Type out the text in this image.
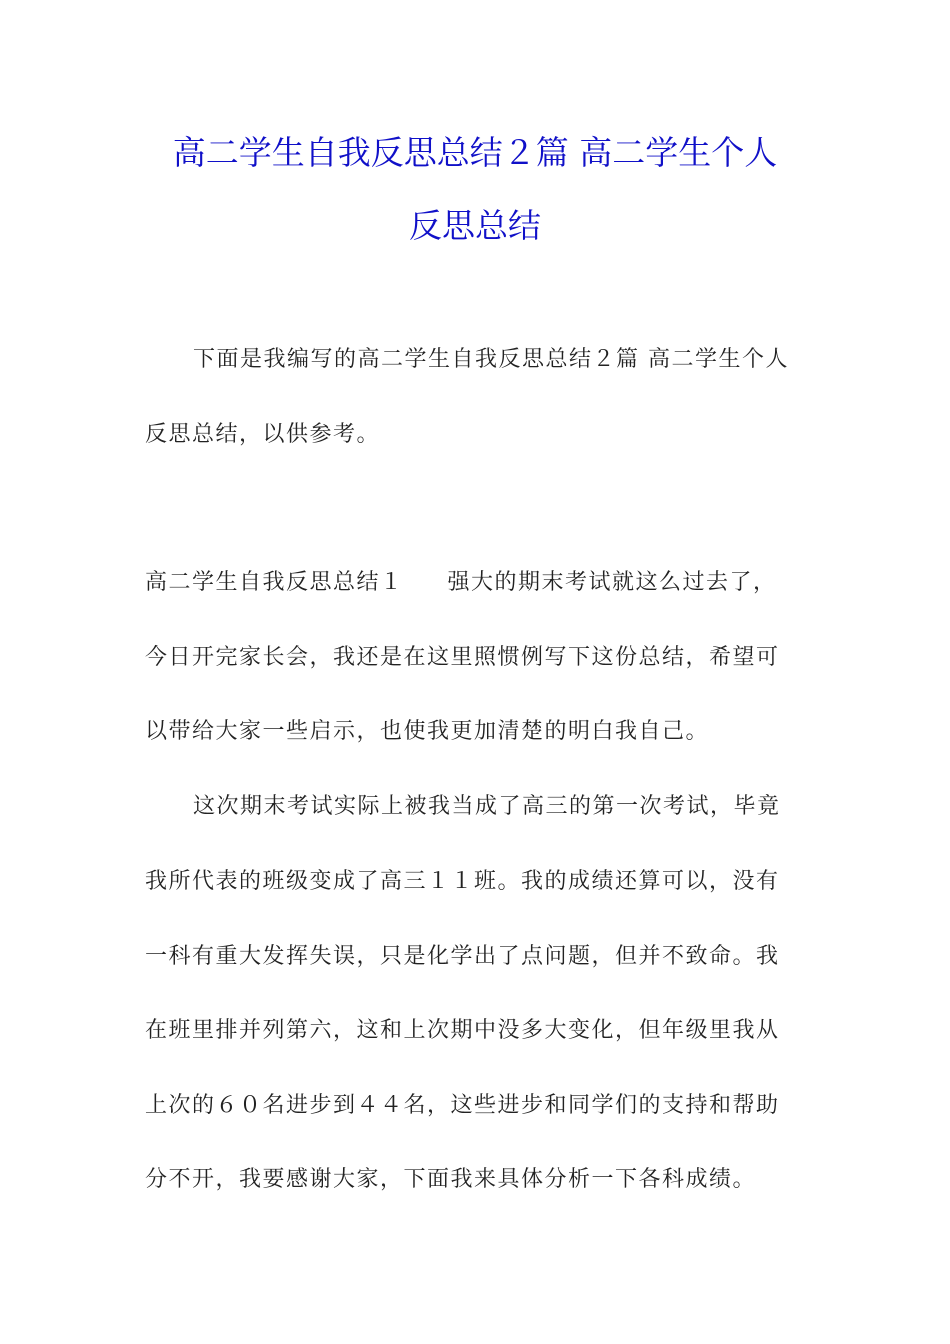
高二学生自我反思总结２篇 高二学生个人
反思总结

下面是我编写的高二学生自我反思总结２篇 高二学生个人

反思总结，以供参考。

高二学生自我反思总结１ 强大的期末考试就这么过去了，

今日开完家长会，我还是在这里照惯例写下这份总结，希望可

以带给大家一些启示，也使我更加清楚的明白我自己。

这次期末考试实际上被我当成了高三的第一次考试，毕竟

我所代表的班级变成了高三１１班。我的成绩还算可以，没有

一科有重大发挥失误，只是化学出了点问题，但并不致命。我

在班里排并列第六，这和上次期中没多大变化，但年级里我从

上次的６０名进步到４４名，这些进步和同学们的支持和帮助

分不开，我要感谢大家，下面我来具体分析一下各科成绩。
